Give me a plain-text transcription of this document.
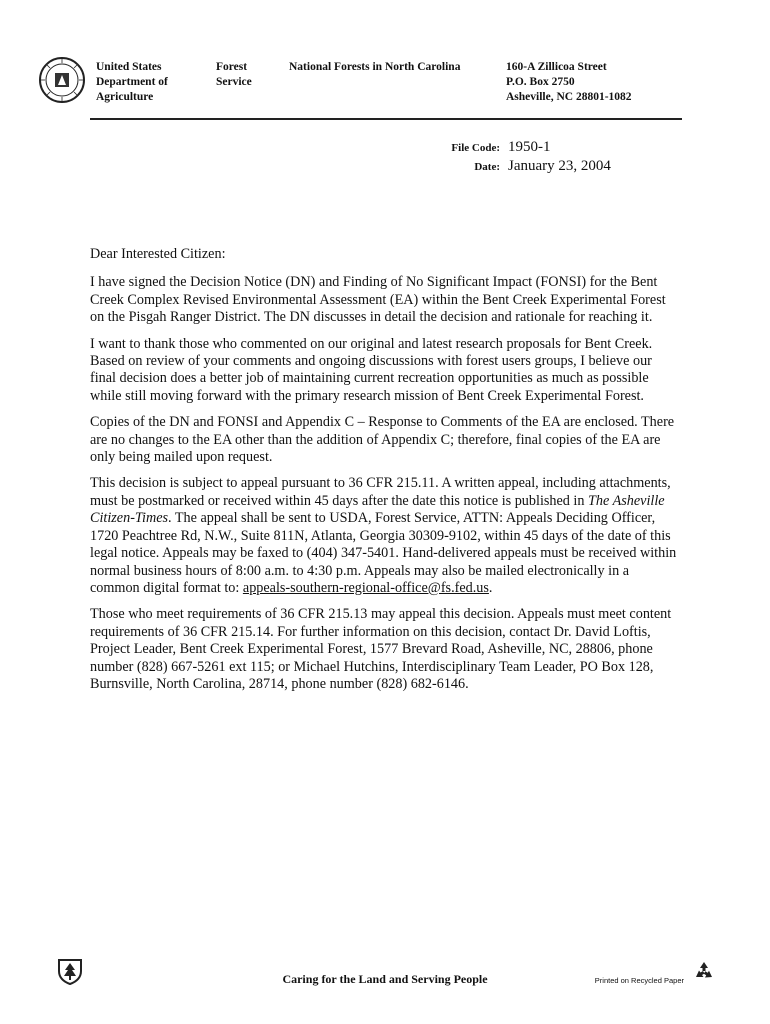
United States
Department of
Agriculture
Forest
Service
National Forests in North Carolina	160-A Zillicoa Street
P.O. Box 2750
Asheville, NC 28801-1082
File Code: 1950-1
Date: January 23, 2004

Dear Interested Citizen:

I have signed the Decision Notice (DN) and Finding of No Significant Impact (FONSI) for the Bent Creek Complex Revised Environmental Assessment (EA) within the Bent Creek Experimental Forest on the Pisgah Ranger District. The DN discusses in detail the decision and rationale for reaching it.

I want to thank those who commented on our original and latest research proposals for Bent Creek. Based on review of your comments and ongoing discussions with forest users groups, I believe our final decision does a better job of maintaining current recreation opportunities as much as possible while still moving forward with the primary research mission of Bent Creek Experimental Forest.

Copies of the DN and FONSI and Appendix C – Response to Comments of the EA are enclosed. There are no changes to the EA other than the addition of Appendix C; therefore, final copies of the EA are only being mailed upon request.

This decision is subject to appeal pursuant to 36 CFR 215.11. A written appeal, including attachments, must be postmarked or received within 45 days after the date this notice is published in The Asheville Citizen-Times. The appeal shall be sent to USDA, Forest Service, ATTN: Appeals Deciding Officer, 1720 Peachtree Rd, N.W., Suite 811N, Atlanta, Georgia 30309-9102, within 45 days of the date of this legal notice. Appeals may be faxed to (404) 347-5401. Hand-delivered appeals must be received within normal business hours of 8:00 a.m. to 4:30 p.m. Appeals may also be mailed electronically in a common digital format to: appeals-southern-regional-office@fs.fed.us.

Those who meet requirements of 36 CFR 215.13 may appeal this decision. Appeals must meet content requirements of 36 CFR 215.14. For further information on this decision, contact Dr. David Loftis, Project Leader, Bent Creek Experimental Forest, 1577 Brevard Road, Asheville, NC, 28806, phone number (828) 667-5261 ext 115; or Michael Hutchins, Interdisciplinary Team Leader, PO Box 128, Burnsville, North Carolina, 28714, phone number (828) 682-6146.

Caring for the Land and Serving People	Printed on Recycled Paper
